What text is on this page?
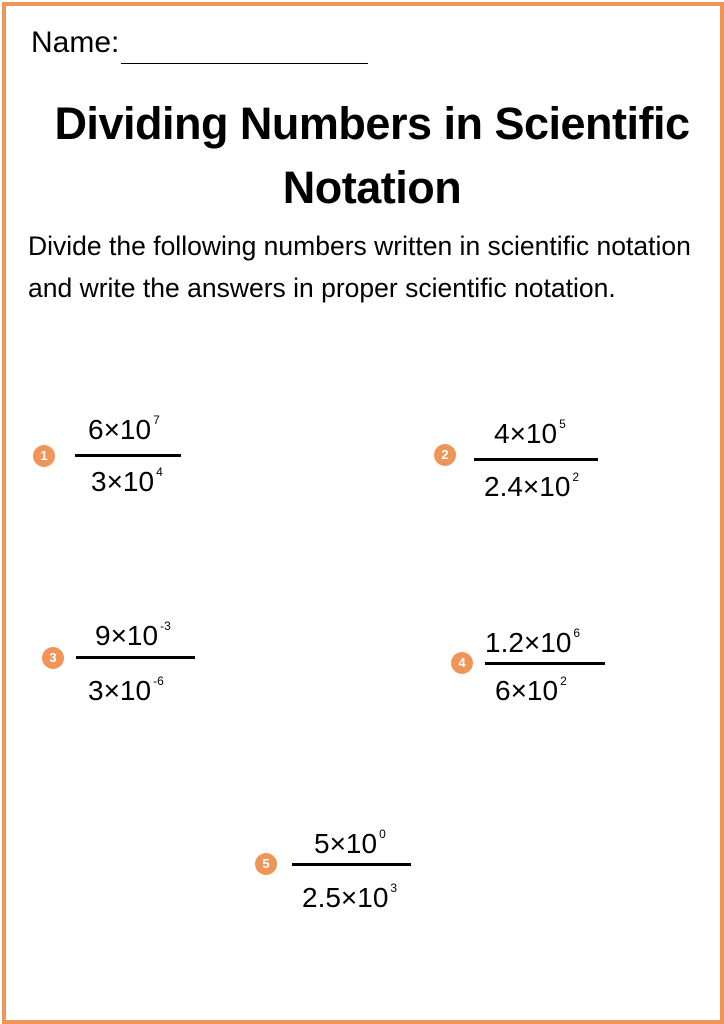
Name:
Dividing Numbers in Scientific Notation
Divide the following numbers written in scientific notation and write the answers in proper scientific notation.
1
6×10 $^7$
3×10 $^4$
2
4×10 $^5$
2.4×10 $^2$
3
9×10 $^{-3}$
3×10 $^{-6}$
4
1.2×10 $^6$
6×10 $^2$
5
5×10 $^0$
2.5×10 $^3$
